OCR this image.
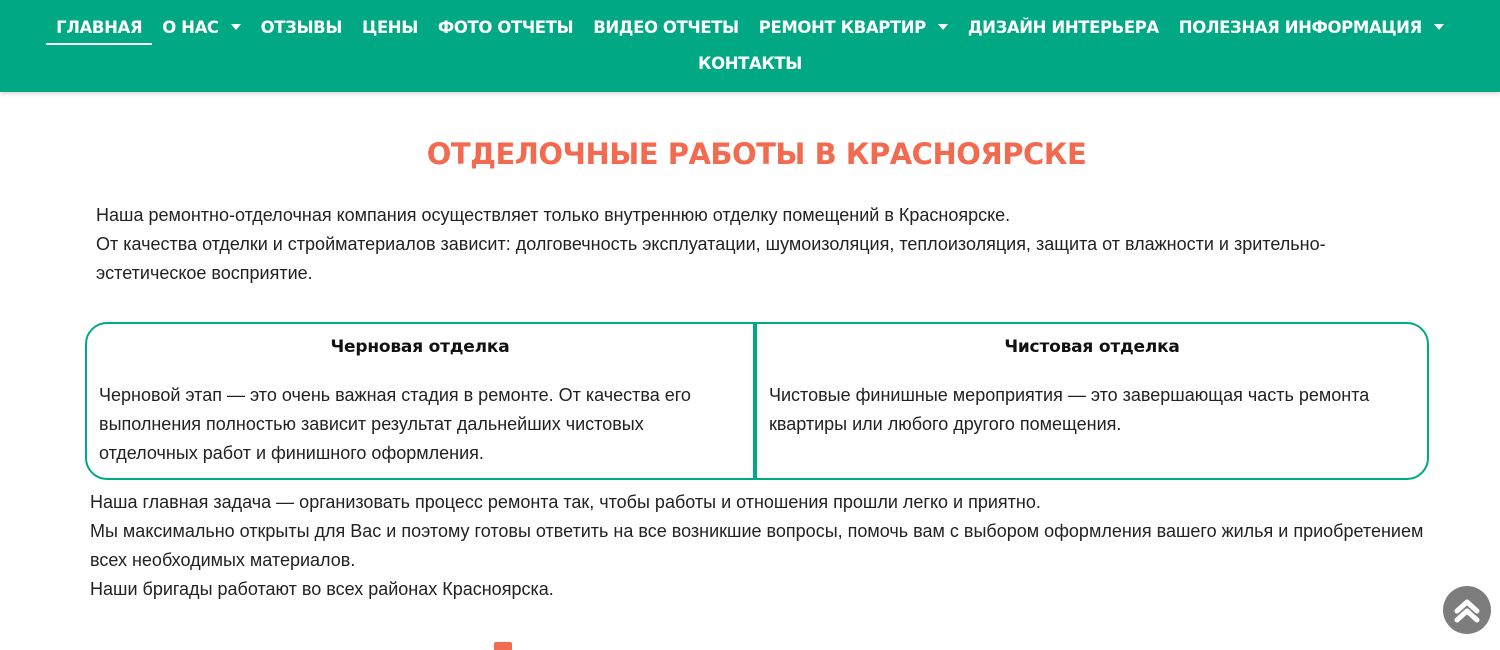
ГЛАВНАЯ О НАС	ОТЗЫВЫ ЦЕНЫ ФОТО ОТЧЕТЫ ВИДЕО ОТЧЕТЫ РЕМОНТ КВАРТИР	ДИЗАЙН ИНТЕРЬЕРА ПОЛЕЗНАЯ ИНФОРМАЦИЯ
КОНТАКТЫ
ОТДЕЛОЧНЫЕ РАБОТЫ В КРАСНОЯРСКЕ

Наша ремонтно-отделочная компания осуществляет только внутреннюю отделку помещений в Красноярске.

От качества отделки и стройматериалов зависит: долговечность эксплуатации, шумоизоляция, теплоизоляция, защита от влажности и зрительно-эстетическое восприятие.

Черновая отделка

Черновой этап — это очень важная стадия в ремонте. От качества его выполнения полностью зависит результат дальнейших чистовых отделочных работ и финишного оформления.

Чистовая отделка

Чистовые финишные мероприятия — это завершающая часть ремонта квартиры или любого другого помещения.

Наша главная задача — организовать процесс ремонта так, чтобы работы и отношения прошли легко и приятно.

Мы максимально открыты для Вас и поэтому готовы ответить на все возникшие вопросы, помочь вам с выбором оформления вашего жилья и приобретением всех необходимых материалов.

Наши бригады работают во всех районах Красноярска.
